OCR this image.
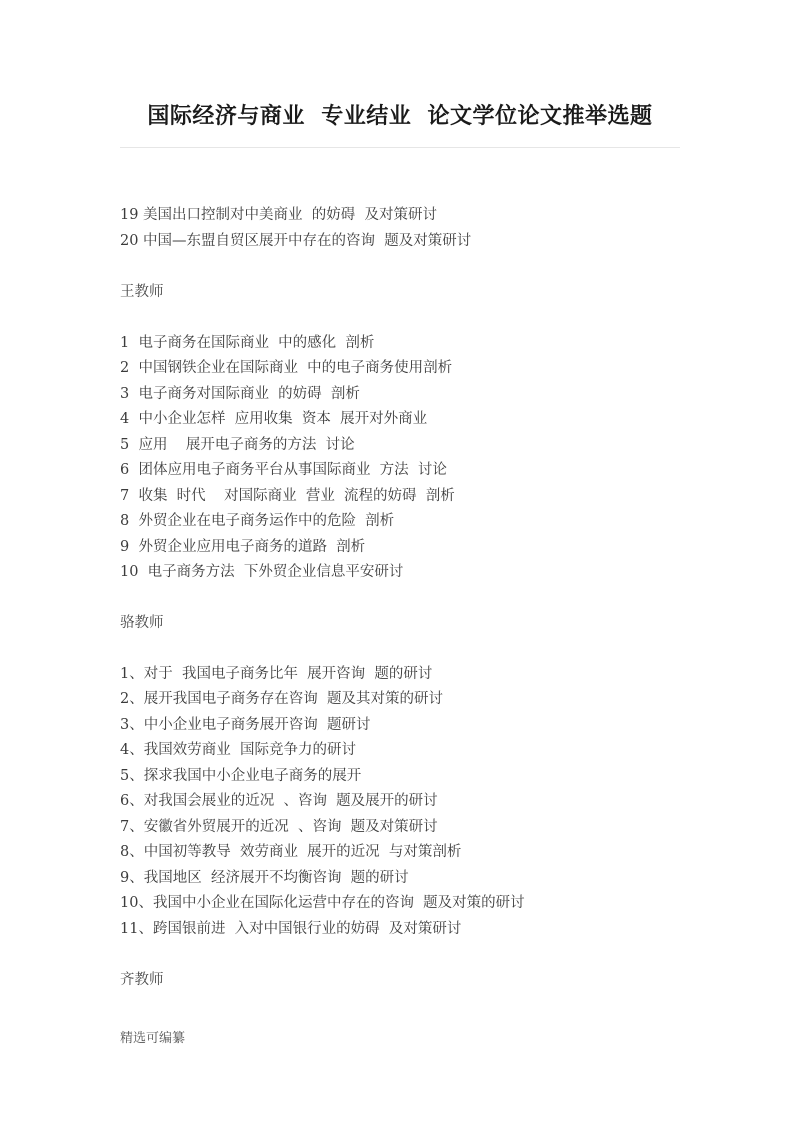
国际经济与商业  专业结业  论文学位论文推举选题
19 美国出口控制对中美商业  的妨碍  及对策研讨
20 中国—东盟自贸区展开中存在的咨询  题及对策研讨
王教师
1  电子商务在国际商业  中的感化  剖析
2  中国钢铁企业在国际商业  中的电子商务使用剖析
3  电子商务对国际商业  的妨碍  剖析
4  中小企业怎样  应用收集  资本  展开对外商业
5  应用    展开电子商务的方法  讨论
6  团体应用电子商务平台从事国际商业  方法  讨论
7  收集  时代    对国际商业  营业  流程的妨碍  剖析
8  外贸企业在电子商务运作中的危险  剖析
9  外贸企业应用电子商务的道路  剖析
10  电子商务方法  下外贸企业信息平安研讨
骆教师
1、对于  我国电子商务比年  展开咨询  题的研讨
2、展开我国电子商务存在咨询  题及其对策的研讨
3、中小企业电子商务展开咨询  题研讨
4、我国效劳商业  国际竞争力的研讨
5、探求我国中小企业电子商务的展开
6、对我国会展业的近况  、咨询  题及展开的研讨
7、安徽省外贸展开的近况  、咨询  题及对策研讨
8、中国初等教导  效劳商业  展开的近况  与对策剖析
9、我国地区  经济展开不均衡咨询  题的研讨
10、我国中小企业在国际化运营中存在的咨询  题及对策的研讨
11、跨国银前进  入对中国银行业的妨碍  及对策研讨
齐教师
精选可编纂
